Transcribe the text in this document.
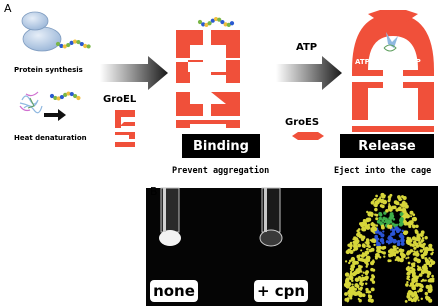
A
B	C
Protein synthesis
Heat denaturation
GroEL
ATP
GroES
ATP	ATP
Binding	Release
Prevent aggregation	Eject into the cage
none	+ cpn
